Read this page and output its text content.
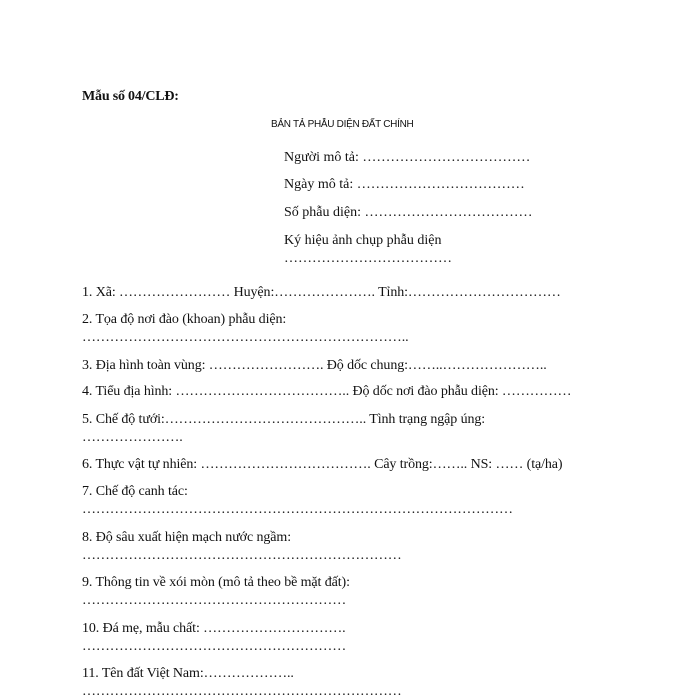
Mẫu số 04/CLĐ:
BẢN TẢ PHẪU DIỆN ĐẤT CHÍNH
Người mô tả: ………………………………
Ngày mô tả: ………………………………
Số phẫu diện: ………………………………
Ký hiệu ảnh chụp phẫu diện
………………………………
1. Xã: …………………… Huyện:…………………. Tỉnh:……………………………
2. Tọa độ nơi đào (khoan) phẫu diện:
……………………………………………………………..
3. Địa hình toàn vùng: ……………………. Độ dốc chung:……..…………………..
4. Tiểu địa hình: ……………………………….. Độ dốc nơi đào phẫu diện: ……………
5. Chế độ tưới:…………………………………….. Tình trạng ngập úng:
………………….
6. Thực vật tự nhiên: ………………………………. Cây trồng:…….. NS: …… (tạ/ha)
7. Chế độ canh tác:
…………………………………………………………………………………
8. Độ sâu xuất hiện mạch nước ngầm:
……………………………………………………………
9. Thông tin về xói mòn (mô tả theo bề mặt đất):
…………………………………………………
10. Đá mẹ, mẫu chất: ………………………….
…………………………………………………
11. Tên đất Việt Nam:………………..
……………………………………………………………
